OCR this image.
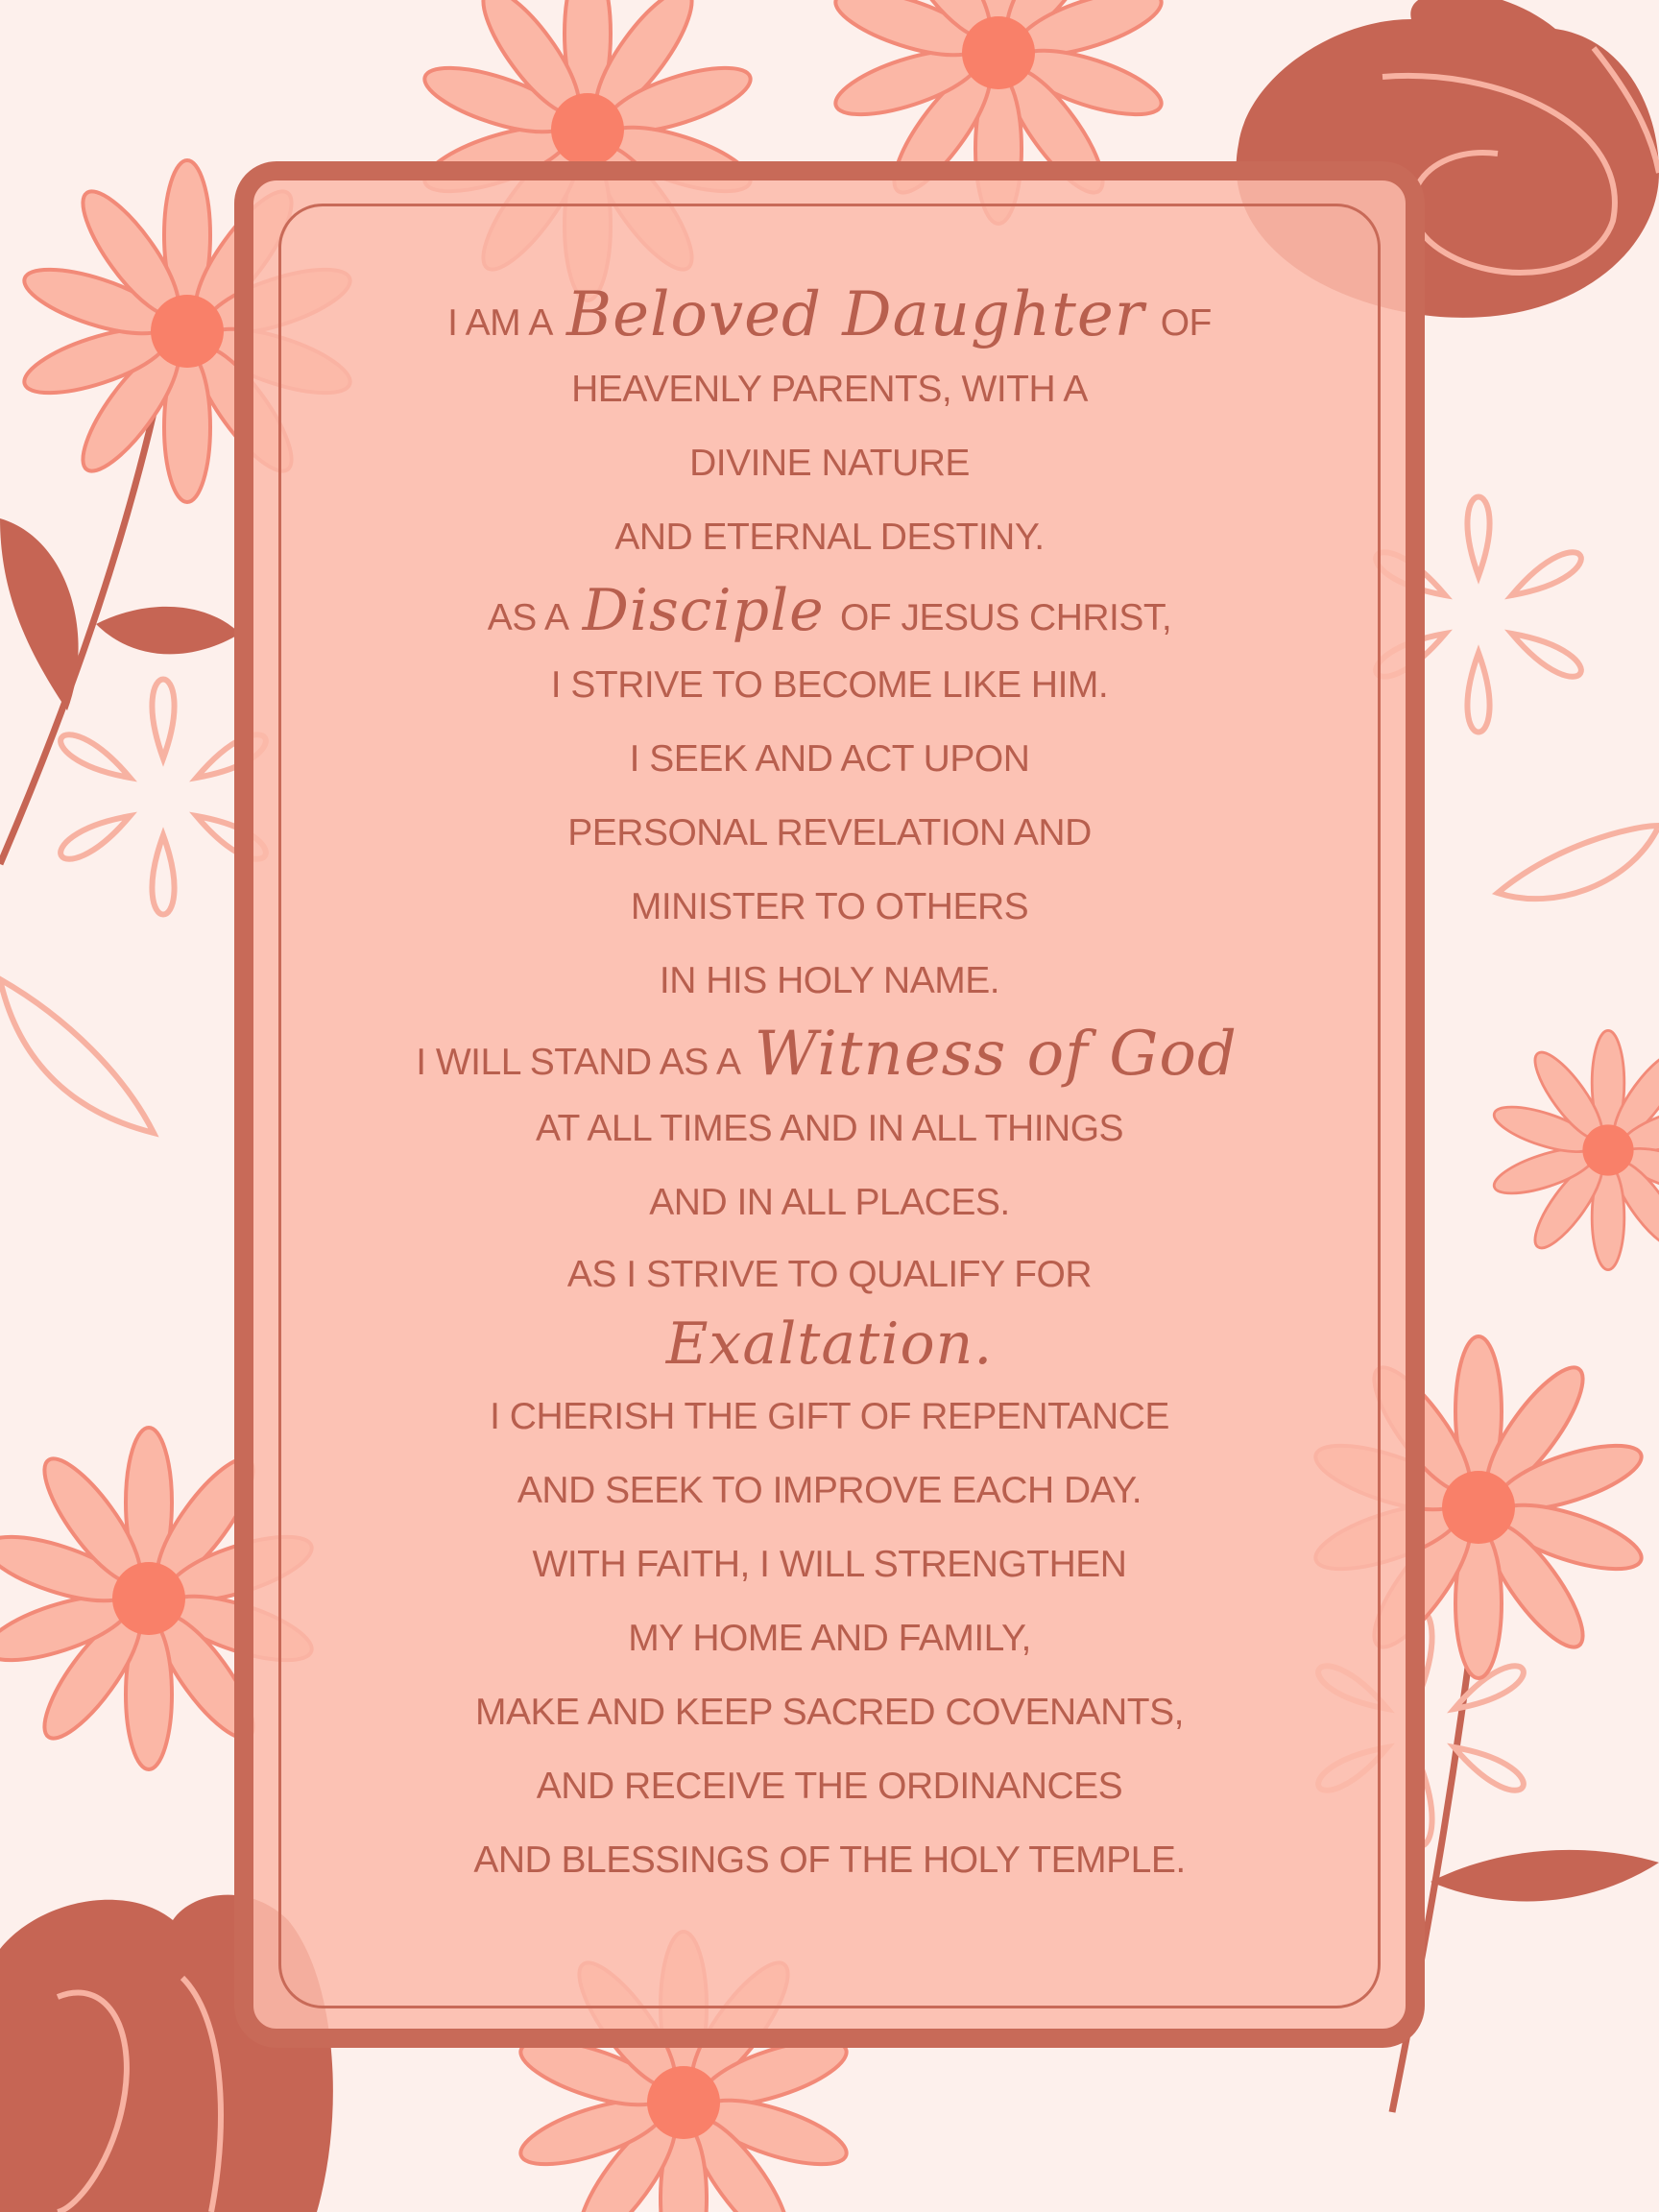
I AM A Beloved Daughter OF
HEAVENLY PARENTS, WITH A
DIVINE NATURE
AND ETERNAL DESTINY.
AS A Disciple OF JESUS CHRIST,
I STRIVE TO BECOME LIKE HIM.
I SEEK AND ACT UPON
PERSONAL REVELATION AND
MINISTER TO OTHERS
IN HIS HOLY NAME.
I WILL STAND AS A Witness of God
AT ALL TIMES AND IN ALL THINGS
AND IN ALL PLACES.
AS I STRIVE TO QUALIFY FOR
Exaltation.
I CHERISH THE GIFT OF REPENTANCE
AND SEEK TO IMPROVE EACH DAY.
WITH FAITH, I WILL STRENGTHEN
MY HOME AND FAMILY,
MAKE AND KEEP SACRED COVENANTS,
AND RECEIVE THE ORDINANCES
AND BLESSINGS OF THE HOLY TEMPLE.
